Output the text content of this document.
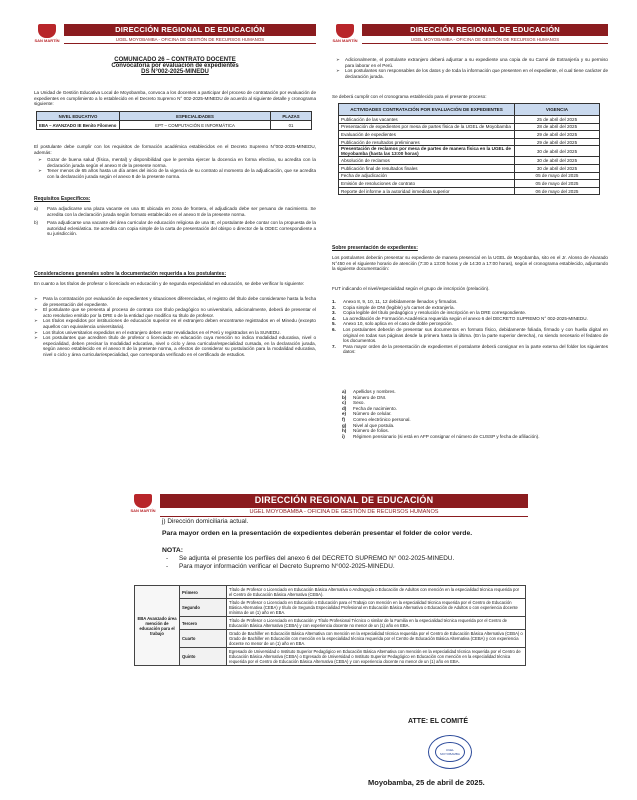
SAN MARTÍN
DIRECCIÓN REGIONAL DE EDUCACIÓN
UGEL MOYOBAMBA - OFICINA DE GESTIÓN DE RECURSOS HUMANOS
COMUNICADO 26 – CONTRATO DOCENTE
Convocatoria por evaluación de expedientes
DS N°002-2025-MINEDU
La Unidad de Gestión Educativa Local de Moyobamba, convoca a los docentes a participar del proceso de contratación por evaluación de expedientes en cumplimiento a lo establecido en el Decreto Supremo N° 002-2025-MINEDU de acuerdo al siguiente detalle y cronograma siguiente:
NIVEL EDUCATIVO	ESPECIALIDADES	PLAZAS
EBA – AVANZADO IE Benito Filomeno	EPT – COMPUTACIÓN E INFORMÁTICA	01
El postulante debe cumplir con los requisitos de formación académica establecidos en el Decreto Supremo N°002-2025-MINEDU, además:
➢	Gozar de buena salud (física, mental) y disponibilidad que le permita ejercer la docencia en forma efectiva, su acredita con la declaración jurada según el anexo 8 de la presente norma.
➢	Tener menos de 65 años hasta un día antes del inicio de la vigencia de su contrato al momento de la adjudicación, que se acredita con la declaración jurada según el anexo 8 de la presente norma.
Requisitos Específicos:
a)	Para adjudicarse una plaza vacante en una IE ubicada en zona de frontera, el adjudicado debe ser peruano de nacimiento. Se acredita con la declaración jurada según formato establecido en el anexo 8 de la presente norma.
b)	Para adjudicarse una vacante del área curricular de educación religiosa de una IE, el postulante debe contar con la propuesta de la autoridad eclesiástica. Se acredita con copia simple de la carta de presentación del obispo o director de la ODEC correspondiente a su jurisdicción.
Consideraciones generales sobre la documentación requerida a los postulantes:
En cuanto a los títulos de profesor o licenciado en educación y de segunda especialidad en educación, se debe verificar lo siguiente:
➢	Para la contratación por evaluación de expedientes y situaciones diferenciadas, el registro del título debe considerarse hasta la fecha de presentación del expediente.
➢	El postulante que se presenta al proceso de contrato con título pedagógico no universitario, adicionalmente, deberá de presentar el acto resolutivo emitido por la DRE o de la entidad que modifico su título de profesor.
➢	Los títulos expedidos por instituciones de educación superior en el extranjero deben encontrarse registrados en el Minedu (excepto aquellos con equivalencia universitaria).
➢	Los títulos universitarios expedidos en el extranjero deben estar revalidados en el Perú y registrados en la SUNEDU.
➢	Los postulantes que acrediten título de profesor o licenciado en educación cuya mención no indica modalidad educativa, nivel o especialidad, deben precisar la modalidad educativa, nivel o ciclo y área curricular/especialidad cursada, en la declaración jurada, según anexo establecido en el anexo 8 de la presente norma, a efectos de considerar su postulación para la modalidad educativa, nivel o ciclo y área curricular/especialidad, que corresponda verificado en el certificado de estudios.
SAN MARTÍN
DIRECCIÓN REGIONAL DE EDUCACIÓN
UGEL MOYOBAMBA - OFICINA DE GESTIÓN DE RECURSOS HUMANOS
➢	Adicionalmente, el postulante extranjero deberá adjuntar a su expediente una copia de su Carné de Extranjería y su permiso para laborar en el Perú.
➢	Los postulantes son responsables de los datos y de toda la información que presenten en el expediente, el cual tiene carácter de declaración jurada.
Se deberá cumplir con el cronograma establecido para el presente proceso:
ACTIVIDADES CONTRATACIÓN POR EVALUACIÓN DE EXPEDIENTES	VIGENCIA
Publicación de las vacantes	25 de abril del 2025
Presentación de expedientes por mesa de partes física de la UGEL de Moyobamba	28 de abril del 2025
Evaluación de expedientes	29 de abril del 2025
Publicación de resultados preliminares	29 de abril del 2025
Presentación de reclamos por mesa de partes de manera física en la UGEL de Moyobamba (hasta las 13:00 horas)	30 de abril del 2025
Absolución de reclamos	30 de abril del 2025
Publicación final de resultados finales	30 de abril del 2025
Fecha de adjudicación	05 de mayo del 2025
Emisión de resoluciones de contrato	05 de mayo del 2025
Reporte del informe a la autoridad inmediata superior	06 de mayo del 2025
Sobre presentación de expedientes:
Los postulantes deberán presentar su expediente de manera presencial en la UGEL de Moyobamba, sito en el Jr. Alonso de Alvarado N°450 en el siguiente horario de atención (7:30 a 13:00 horas y de 14:30 a 17:00 horas), según el cronograma establecido, adjuntando la siguiente documentación:
FUT indicando el nivel/especialidad según el grupo de inscripción (prelación).
1.	Anexo 8, 9, 10, 11, 12 debidamente llenados y firmados.
2.	Copia simple de DNI (legible) y/o carnet de extranjería.
3.	Copia legible del título pedagógico y resolución de inscripción en la DRE correspondiente.
4.	La acreditación de Formación Académica requerida según el anexo 6 del DECRETO SUPREMO N° 002-2025-MINEDU.
5.	Anexo 10, solo aplica en el caso de doble percepción.
6.	Los postulantes deberán de presentar sus documentos en formato físico, debidamente foliada, firmado y con huella digital en original en todas sus páginas desde la primera hasta la última. (En la parte superior derecha), no siendo necesario el fedateo de los documentos.
7.	Para mayor orden de la presentación de expedientes el postulante deberá consignar en la parte externa del folder los siguientes datos:
a)	Apellidos y nombres.
b)	Número de DNI.
c)	Sexo.
d)	Fecha de nacimiento.
e)	Número de celular.
f)	Correo electrónico personal.
g)	Nivel al que postula.
h)	Número de folios.
i)	Régimen pensionario (si está en AFP consignar el número de CUSSP y fecha de afiliación).
SAN MARTÍN
DIRECCIÓN REGIONAL DE EDUCACIÓN
UGEL MOYOBAMBA - OFICINA DE GESTIÓN DE RECURSOS HUMANOS
j) Dirección domiciliaria actual.
Para mayor orden en la presentación de expedientes deberán presentar el folder de color verde.
NOTA:
-	Se adjunta el presente los perfiles del anexo 6 del DECRETO SUPREMO N° 002-2025-MINEDU.
-	Para mayor información verificar el Decreto Supremo N°002-2025-MINEDU.
EBA Avanzado área mención de educación para el trabajo	Primero	Título de Profesor o Licenciado en Educación Básica Alternativa o Andragogía o Educación de Adultos con mención en la especialidad técnica requerida por el Centro de Educación Básica Alternativa (CEBA).
	Segundo	Título de Profesor o Licenciado en Educación o Educación para el Trabajo con mención en la especialidad técnica requerida por el Centro de Educación Básica Alternativa (CEBA) y título de Segunda Especialidad Profesional en Educación Básica Alternativa o Educación de Adultos o con experiencia docente mínima de un (1) año en EBA.
	Tercero	Título de Profesor o Licenciado en Educación y Título Profesional Técnico o similar de la Familia en la especialidad técnica requerida por el Centro de Educación Básica Alternativa (CEBA) y con experiencia docente no menor de un (1) año en EBA.
	Cuarto	Grado de Bachiller en Educación Básica Alternativa con mención en la especialidad técnica requerida por el Centro de Educación Básica Alternativa (CEBA) o Grado de Bachiller en Educación con mención en la especialidad técnica requerida por el Centro de Educación Básica Alternativa (CEBA) y con experiencia docente no menor de un (1) año en EBA.
	Quinto	Egresado de Universidad o Instituto Superior Pedagógico en Educación Básica Alternativa con mención en la especialidad técnica requerida por el Centro de Educación Básica Alternativa (CEBA) o Egresado de Universidad o Instituto Superior Pedagógico en Educación con mención en la especialidad técnica requerida por el Centro de Educación Básica Alternativa (CEBA) y con experiencia docente no menor de un (1) año en EBA.
ATTE: EL COMITÉ
UGEL MOYOBAMBA
Moyobamba, 25 de abril de 2025.
